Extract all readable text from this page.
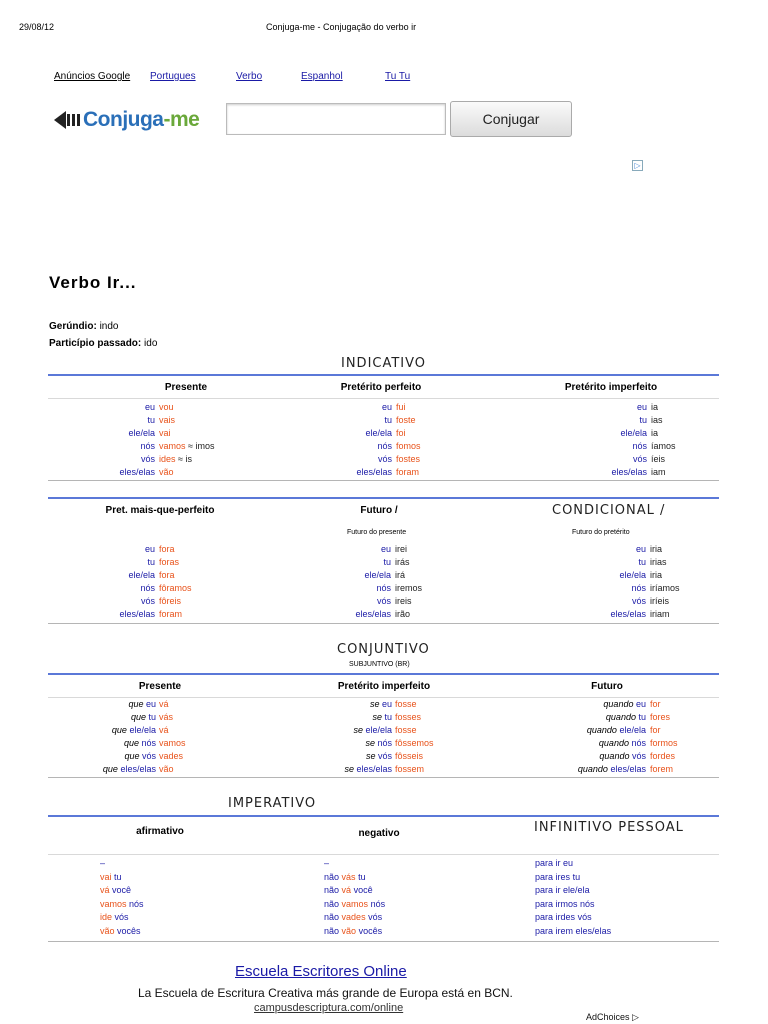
29/08/12	Conjuga-me - Conjugação do verbo ir
Anúncios Google Portugues	Verbo	Espanhol	Tu Tu
Conjuga-me	Conjugar
▷
Verbo Ir...
Gerúndio: indo
Particípio passado: ido
INDICATIVO
Presente	Pretérito perfeito	Pretérito imperfeito
Pret. mais-que-perfeito	Futuro /	CONDICIONAL /
Futuro do presente	Futuro do pretérito
CONJUNTIVO
SUBJUNTIVO (BR)
Presente	Pretérito imperfeito	Futuro
IMPERATIVO
afirmativo	negativo	INFINITIVO PESSOAL
Escuela Escritores Online
La Escuela de Escritura Creativa más grande de Europa está en BCN.
campusdescriptura.com/online
AdChoices ▷
eu vou	eu fui	eu ia
tu vais	tu foste	tu ias
ele/ela vai	ele/ela foi	ele/ela ia
nós vamos ≈ imos	nós fomos	nós íamos
vós ides ≈ is	vós fostes	vós íeis
eles/elas vão	eles/elas foram	eles/elas iam
eu fora	eu irei	eu iria
tu foras	tu irás	tu irias
ele/ela fora	ele/ela irá	ele/ela iria
nós fôramos	nós iremos	nós iríamos
vós fôreis	vós ireis	vós iríeis
eles/elas foram	eles/elas irão	eles/elas iriam
que eu vá	se eu fosse	quando eu for
que tu vás	se tu fosses	quando tu fores
que ele/ela vá	se ele/ela fosse	quando ele/ela for
que nós vamos	se nós fôssemos	quando nós formos
que vós vades	se vós fôsseis	quando vós fordes
que eles/elas vão	se eles/elas fossem	quando eles/elas forem
–	–	para ir eu
vai tu	não vás tu	para ires tu
vá você	não vá você	para ir ele/ela
vamos nós	não vamos nós	para irmos nós
ide vós	não vades vós	para irdes vós
vão vocês	não vão vocês	para irem eles/elas
